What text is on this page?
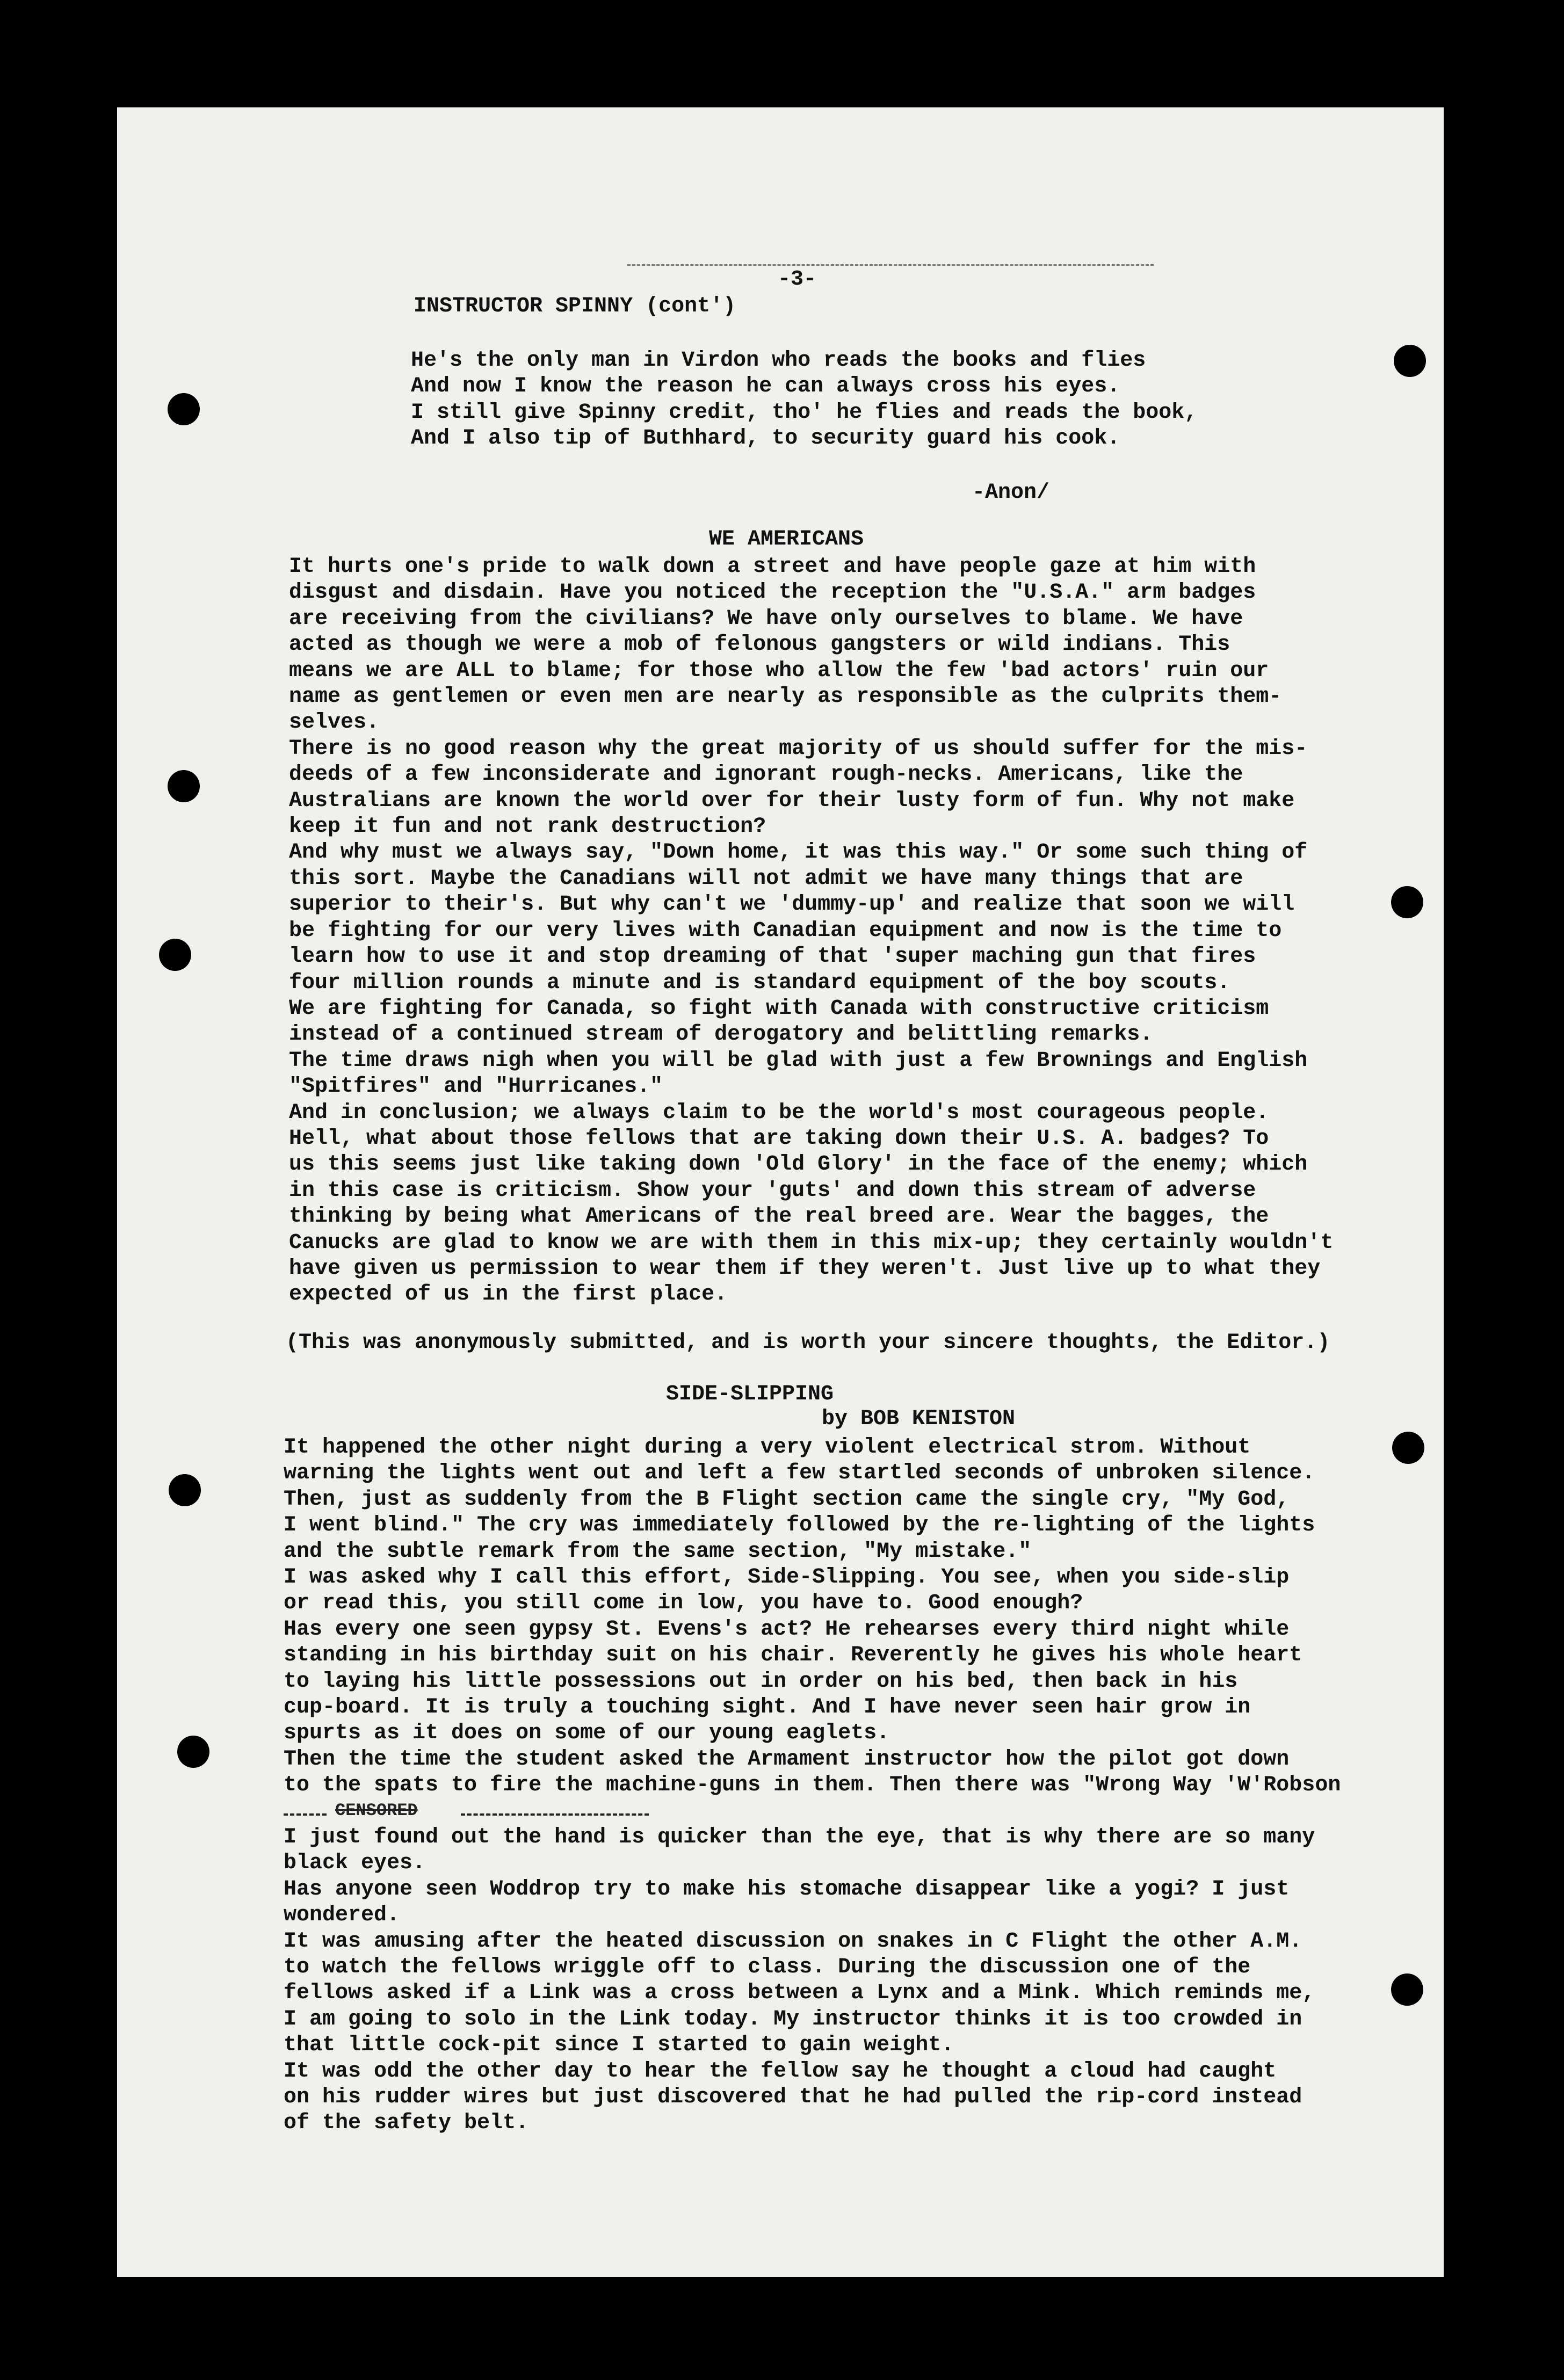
-3-
INSTRUCTOR SPINNY (cont')
He's the only man in Virdon who reads the books and flies
And now I know the reason he can always cross his eyes.
I still give Spinny credit, tho' he flies and reads the book,
And I also tip of Buthhard, to security guard his cook.
-Anon/
WE AMERICANS
It hurts one's pride to walk down a street and have people gaze at him with
disgust and disdain. Have you noticed the reception the "U.S.A." arm badges
are receiving from the civilians? We have only ourselves to blame. We have
acted as though we were a mob of felonous gangsters or wild indians. This
means we are ALL to blame; for those who allow the few 'bad actors' ruin our
name as gentlemen or even men are nearly as responsible as the culprits them-
selves.
There is no good reason why the great majority of us should suffer for the mis-
deeds of a few inconsiderate and ignorant rough-necks. Americans, like the
Australians are known the world over for their lusty form of fun. Why not make
keep it fun and not rank destruction?
And why must we always say, "Down home, it was this way." Or some such thing of
this sort. Maybe the Canadians will not admit we have many things that are
superior to their's. But why can't we 'dummy-up' and realize that soon we will
be fighting for our very lives with Canadian equipment and now is the time to
learn how to use it and stop dreaming of that 'super maching gun that fires
four million rounds a minute and is standard equipment of the boy scouts.
We are fighting for Canada, so fight with Canada with constructive criticism
instead of a continued stream of derogatory and belittling remarks.
The time draws nigh when you will be glad with just a few Brownings and English
"Spitfires" and "Hurricanes."
And in conclusion; we always claim to be the world's most courageous people.
Hell, what about those fellows that are taking down their U.S. A. badges? To
us this seems just like taking down 'Old Glory' in the face of the enemy; which
in this case is criticism. Show your 'guts' and down this stream of adverse
thinking by being what Americans of the real breed are. Wear the bagges, the
Canucks are glad to know we are with them in this mix-up; they certainly wouldn't
have given us permission to wear them if they weren't. Just live up to what they
expected of us in the first place.
(This was anonymously submitted, and is worth your sincere thoughts, the Editor.)
SIDE-SLIPPING
by BOB KENISTON
It happened the other night during a very violent electrical strom. Without
warning the lights went out and left a few startled seconds of unbroken silence.
Then, just as suddenly from the B Flight section came the single cry, "My God,
I went blind." The cry was immediately followed by the re-lighting of the lights
and the subtle remark from the same section, "My mistake."
I was asked why I call this effort, Side-Slipping. You see, when you side-slip
or read this, you still come in low, you have to. Good enough?
Has every one seen gypsy St. Evens's act? He rehearses every third night while
standing in his birthday suit on his chair. Reverently he gives his whole heart
to laying his little possessions out in order on his bed, then back in his
cup-board. It is truly a touching sight. And I have never seen hair grow in
spurts as it does on some of our young eaglets.
Then the time the student asked the Armament instructor how the pilot got down
to the spats to fire the machine-guns in them. Then there was "Wrong Way 'W'Robson
CENSORED
I just found out the hand is quicker than the eye, that is why there are so many
black eyes.
Has anyone seen Woddrop try to make his stomache disappear like a yogi? I just
wondered.
It was amusing after the heated discussion on snakes in C Flight the other A.M.
to watch the fellows wriggle off to class. During the discussion one of the
fellows asked if a Link was a cross between a Lynx and a Mink. Which reminds me,
I am going to solo in the Link today. My instructor thinks it is too crowded in
that little cock-pit since I started to gain weight.
It was odd the other day to hear the fellow say he thought a cloud had caught
on his rudder wires but just discovered that he had pulled the rip-cord instead
of the safety belt.
